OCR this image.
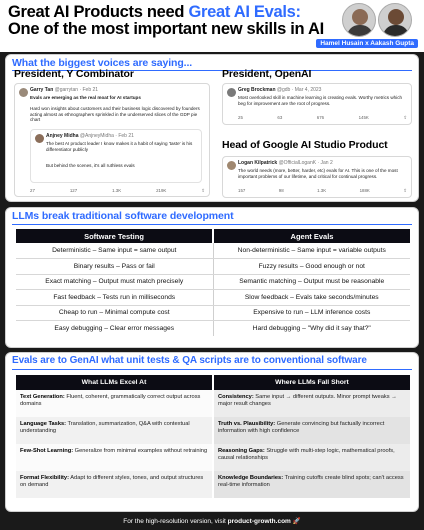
Great AI Products need Great AI Evals:
One of the most important new skills in AI
Hamel Husain x Aakash Gupta
What the biggest voices are saying...
President, Y Combinator	President, OpenAI
Head of Google AI Studio Product
Garry Tan @garrytan · Feb 21
Evals are emerging as the real moat for AI startups
Hard won insights about customers and their business logic discovered by founders acting almost as ethnographers sprinkled in the underserved slices of the GDP pie chart
Anjney Midha @AnjneyMidha · Feb 21
The best AI product leader I know makes it a habit of saying 'taste' is his differentiator publicly
But behind the scenes, it's all ruthless evals
27	127	1.3K	219K	⇪
Greg Brockman @gdb · Mar 4, 2023
Most overlooked skill in machine learning is creating evals. Worthy metrics which beg for improvement are the root of progress.
25	63	676	145K	⇪
Logan Kilpatrick @OfficialLoganK · Jan 2
The world needs (more, better, harder, etc) evals for AI. This is one of the most important problems of our lifetime, and critical for continual progress.
157	98	1.3K	188K	⇪
LLMs break traditional software development
Software Testing	Agent Evals
Deterministic – Same input = same output	Non-deterministic – Same input = variable outputs
Binary results – Pass or fail	Fuzzy results – Good enough or not
Exact matching – Output must match precisely	Semantic matching – Output must be reasonable
Fast feedback – Tests run in milliseconds	Slow feedback – Evals take seconds/minutes
Cheap to run – Minimal compute cost	Expensive to run – LLM inference costs
Easy debugging – Clear error messages	Hard debugging – "Why did it say that?"
Evals are to GenAI what unit tests & QA scripts are to conventional software
What LLMs Excel At	Where LLMs Fall Short
Text Generation: Fluent, coherent, grammatically correct output across domains	Consistency: Same input → different outputs. Minor prompt tweaks → major result changes
Language Tasks: Translation, summarization, Q&A with contextual understanding	Truth vs. Plausibility: Generate convincing but factually incorrect information with high confidence
Few-Shot Learning: Generalize from minimal examples without retraining	Reasoning Gaps: Struggle with multi-step logic, mathematical proofs, causal relationships
Format Flexibility: Adapt to different styles, tones, and output structures on demand	Knowledge Boundaries: Training cutoffs create blind spots; can't access real-time information
For the high-resolution version, visit product-growth.com 🚀
